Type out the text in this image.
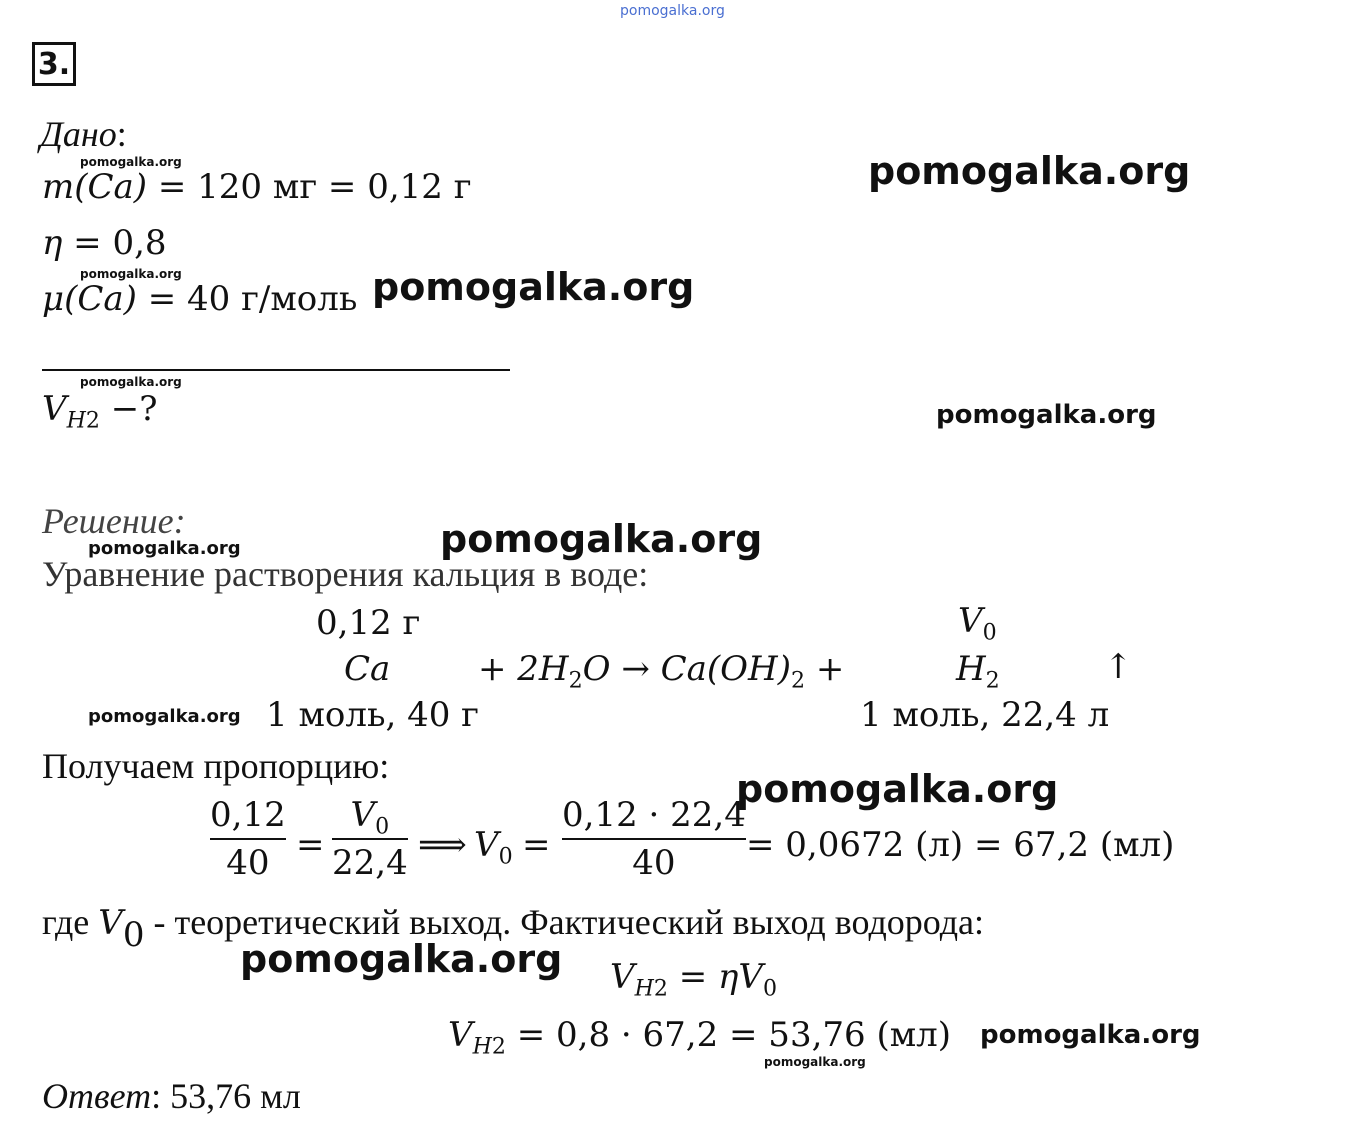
pomogalka.org
3.
Дано:
pomogalka.org
m(Ca) = 120 мг = 0,12 г
η = 0,8
pomogalka.org
μ(Ca) = 40 г/моль pomogalka.org
pomogalka.org
pomogalka.org
$V_{H2}$ −?	pomogalka.org
Решение:	pomogalka.org
pomogalka.org
Уравнение растворения кальция в воде:
0,12 г	$V_0$
Ca	+ $2H_2O \to Ca(OH)_2$ +	$H_2$	↑
pomogalka.org 1 моль, 40 г	1 моль, 22,4 л
Получаем пропорцию:
pomogalka.org
0,12
40 =
$V_0$
22,4 ⟹ $V_0$ =
0,12 · 22,4
40 = 0,0672 (л) = 67,2 (мл)
где $V_0$ - теоретический выход. Фактический выход водорода:
pomogalka.org $V_{H2} = \eta V_0$
$V_{H2} = 0,8 \cdot 67,2 = 53,76$ (мл) pomogalka.org
pomogalka.org
Ответ: 53,76 мл
